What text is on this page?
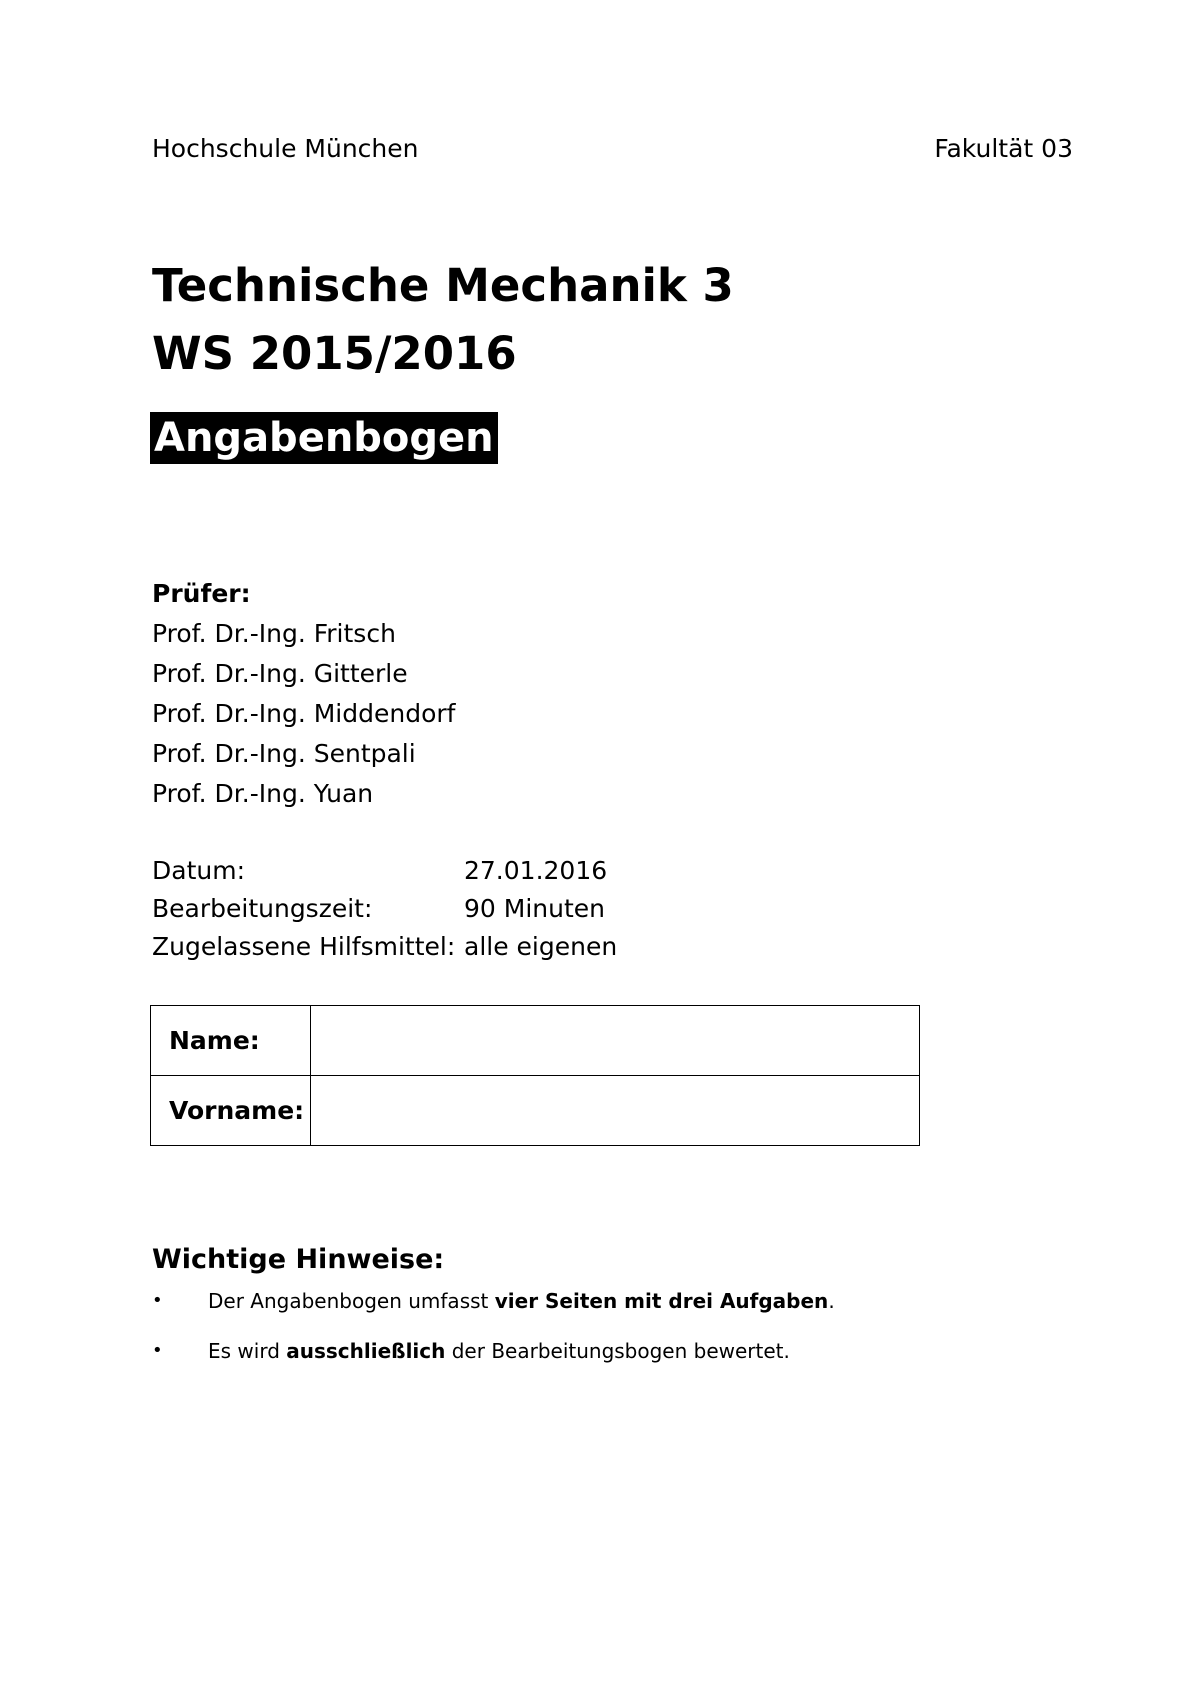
Hochschule München	Fakultät 03
Technische Mechanik 3
WS 2015/2016
Angabenbogen
Prüfer:
Prof. Dr.-Ing. Fritsch
Prof. Dr.-Ing. Gitterle
Prof. Dr.-Ing. Middendorf
Prof. Dr.-Ing. Sentpali
Prof. Dr.-Ing. Yuan
Datum:	27.01.2016
Bearbeitungszeit:	90 Minuten
Zugelassene Hilfsmittel: alle eigenen
Name:	
Vorname:	
Wichtige Hinweise:
•	Der Angabenbogen umfasst vier Seiten mit drei Aufgaben.
•	Es wird ausschließlich der Bearbeitungsbogen bewertet.
